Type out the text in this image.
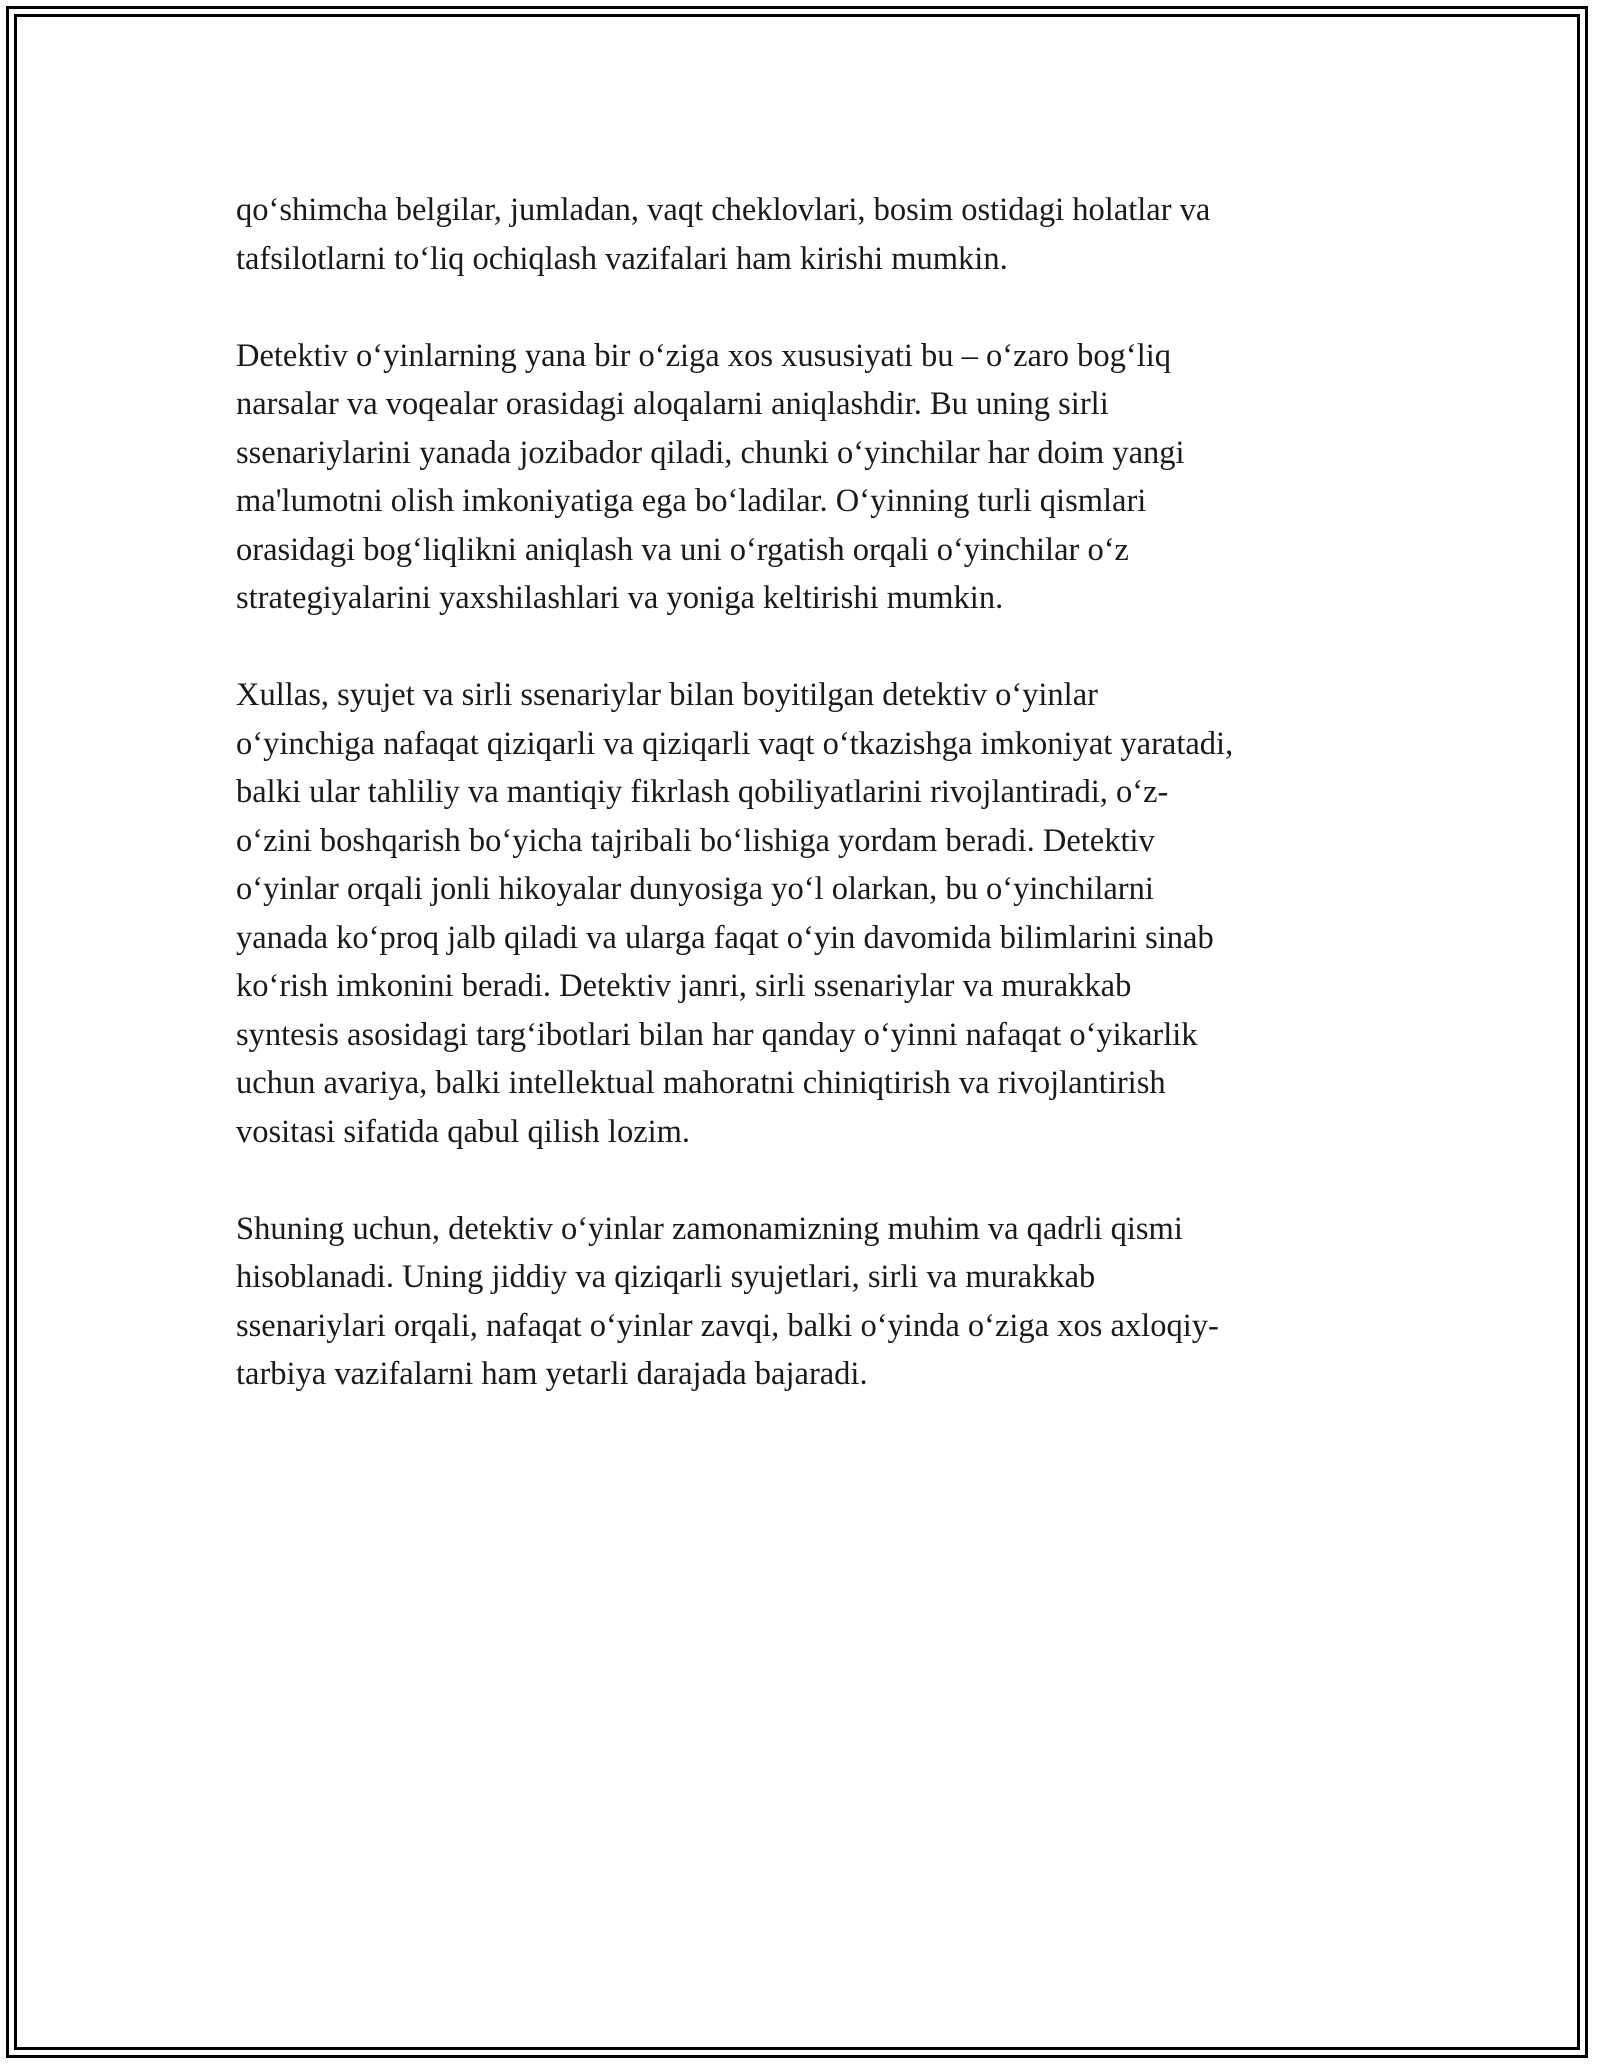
qo‘shimcha belgilar, jumladan, vaqt cheklovlari, bosim ostidagi holatlar va
tafsilotlarni to‘liq ochiqlash vazifalari ham kirishi mumkin.

Detektiv o‘yinlarning yana bir o‘ziga xos xususiyati bu – o‘zaro bog‘liq
narsalar va voqealar orasidagi aloqalarni aniqlashdir. Bu uning sirli
ssenariylarini yanada jozibador qiladi, chunki o‘yinchilar har doim yangi
ma'lumotni olish imkoniyatiga ega bo‘ladilar. O‘yinning turli qismlari
orasidagi bog‘liqlikni aniqlash va uni o‘rgatish orqali o‘yinchilar o‘z
strategiyalarini yaxshilashlari va yoniga keltirishi mumkin.

Xullas, syujet va sirli ssenariylar bilan boyitilgan detektiv o‘yinlar
o‘yinchiga nafaqat qiziqarli va qiziqarli vaqt o‘tkazishga imkoniyat yaratadi,
balki ular tahliliy va mantiqiy fikrlash qobiliyatlarini rivojlantiradi, o‘z-
o‘zini boshqarish bo‘yicha tajribali bo‘lishiga yordam beradi. Detektiv
o‘yinlar orqali jonli hikoyalar dunyosiga yo‘l olarkan, bu o‘yinchilarni
yanada ko‘proq jalb qiladi va ularga faqat o‘yin davomida bilimlarini sinab
ko‘rish imkonini beradi. Detektiv janri, sirli ssenariylar va murakkab
syntesis asosidagi targ‘ibotlari bilan har qanday o‘yinni nafaqat o‘yikarlik
uchun avariya, balki intellektual mahoratni chiniqtirish va rivojlantirish
vositasi sifatida qabul qilish lozim.

Shuning uchun, detektiv o‘yinlar zamonamizning muhim va qadrli qismi
hisoblanadi. Uning jiddiy va qiziqarli syujetlari, sirli va murakkab
ssenariylari orqali, nafaqat o‘yinlar zavqi, balki o‘yinda o‘ziga xos axloqiy-
tarbiya vazifalarni ham yetarli darajada bajaradi.
